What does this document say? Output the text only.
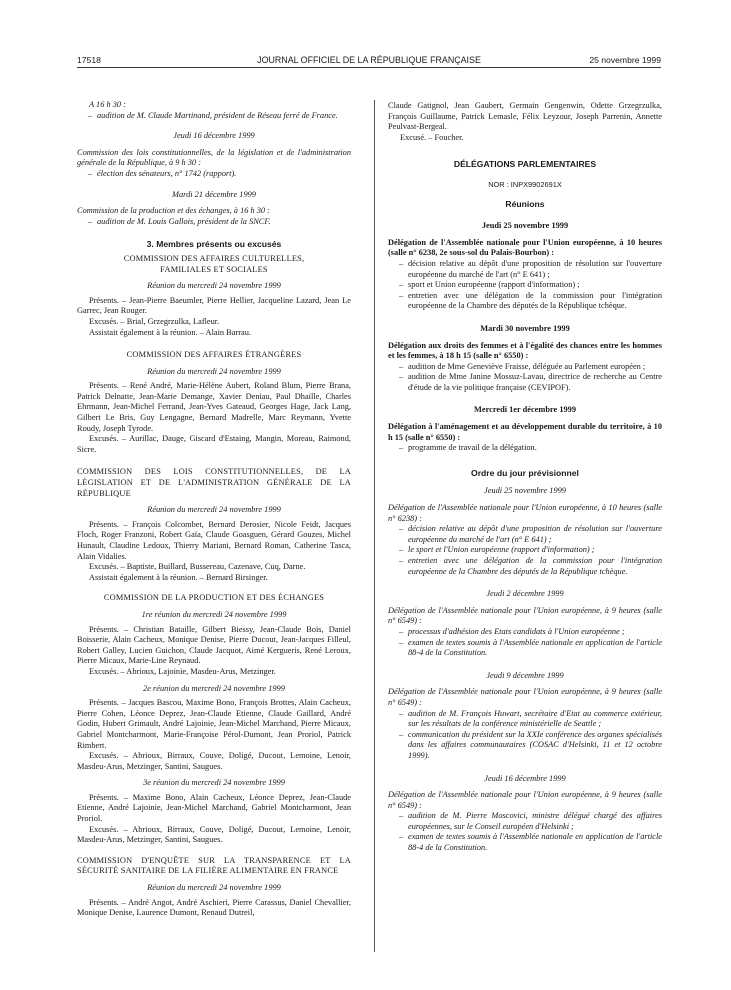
17518	JOURNAL OFFICIEL DE LA RÉPUBLIQUE FRANÇAISE	25 novembre 1999

A 16 h 30 :

– audition de M. Claude Martinand, président de Réseau ferré de France.

Jeudi 16 décembre 1999

Commission des lois constitutionnelles, de la législation et de l'administration générale de la République, à 9 h 30 :

– élection des sénateurs, n° 1742 (rapport).

Mardi 21 décembre 1999

Commission de la production et des échanges, à 16 h 30 :

– audition de M. Louis Gallois, président de la SNCF.

3. Membres présents ou excusés

COMMISSION DES AFFAIRES CULTURELLES, FAMILIALES ET SOCIALES

Réunion du mercredi 24 novembre 1999

Présents. – Jean-Pierre Baeumler, Pierre Hellier, Jacqueline Lazard, Jean Le Garrec, Jean Rouger.

Excusés. – Brial, Grzegrzulka, Lafleur.

Assistait également à la réunion. – Alain Barrau.

COMMISSION DES AFFAIRES ÉTRANGÈRES

Réunion du mercredi 24 novembre 1999

Présents. – René André, Marie-Hélène Aubert, Roland Blum, Pierre Brana, Patrick Delnatte, Jean-Marie Demange, Xavier Deniau, Paul Dhaille, Charles Ehrmann, Jean-Michel Ferrand, Jean-Yves Gateaud, Georges Hage, Jack Lang, Gilbert Le Bris, Guy Lengagne, Bernard Madrelle, Marc Reymann, Yvette Roudy, Joseph Tyrode.

Excusés. – Aurillac, Dauge, Giscard d'Estaing, Mangin, Moreau, Raimond, Sicre.

COMMISSION DES LOIS CONSTITUTIONNELLES, DE LA LÉGISLATION ET DE L'ADMINISTRATION GÉNÉRALE DE LA RÉPUBLIQUE

Réunion du mercredi 24 novembre 1999

Présents. – François Colcombet, Bernard Derosier, Nicole Feidt, Jacques Floch, Roger Franzoni, Robert Gaïa, Claude Goasguen, Gérard Gouzes, Michel Hunault, Claudine Ledoux, Thierry Mariani, Bernard Roman, Catherine Tasca, Alain Vidalies.

Excusés. – Baptiste, Buillard, Bussereau, Cazenave, Cuq, Darne.

Assistait également à la réunion. – Bernard Birsinger.

COMMISSION DE LA PRODUCTION ET DES ÉCHANGES

1re réunion du mercredi 24 novembre 1999

Présents. – Christian Bataille, Gilbert Biessy, Jean-Claude Bois, Daniel Boisserie, Alain Cacheux, Monique Denise, Pierre Ducout, Jean-Jacques Filleul, Robert Galley, Lucien Guichon, Claude Jacquot, Aimé Kergueris, René Leroux, Pierre Micaux, Marie-Line Reynaud.

Excusés. – Abrioux, Lajoinie, Masdeu-Arus, Metzinger.

2e réunion du mercredi 24 novembre 1999

Présents. – Jacques Bascou, Maxime Bono, François Brottes, Alain Cacheux, Pierre Cohen, Léonce Deprez, Jean-Claude Etienne, Claude Gaillard, André Godin, Hubert Grimault, André Lajoinie, Jean-Michel Marchand, Pierre Micaux, Gabriel Montcharmont, Marie-Françoise Pérol-Dumont, Jean Proriol, Patrick Rimbert.

Excusés. – Abrioux, Birraux, Couve, Doligé, Ducout, Lemoine, Lenoir, Masdeu-Arus, Metzinger, Santini, Saugues.

3e réunion du mercredi 24 novembre 1999

Présents. – Maxime Bono, Alain Cacheux, Léonce Deprez, Jean-Claude Etienne, André Lajoinie, Jean-Michel Marchand, Gabriel Montcharmont, Jean Proriol.

Excusés. – Abrioux, Birraux, Couve, Doligé, Ducout, Lemoine, Lenoir, Masdeu-Arus, Metzinger, Santini, Saugues.

COMMISSION D'ENQUÊTE SUR LA TRANSPARENCE ET LA SÉCURITÉ SANITAIRE DE LA FILIÈRE ALIMENTAIRE EN FRANCE

Réunion du mercredi 24 novembre 1999

Présents. – André Angot, André Aschieri, Pierre Carassus, Daniel Chevallier, Monique Denise, Laurence Dumont, Renaud Dutreil,

Claude Gatignol, Jean Gaubert, Germain Gengenwin, Odette Grzegrzulka, François Guillaume, Patrick Lemasle, Félix Leyzour, Joseph Parrenin, Annette Peulvast-Bergeal.

Excusé. – Foucher.

DÉLÉGATIONS PARLEMENTAIRES

NOR : INPX9902691X

Réunions

Jeudi 25 novembre 1999

Délégation de l'Assemblée nationale pour l'Union européenne, à 10 heures (salle n° 6238, 2e sous-sol du Palais-Bourbon) :

– décision relative au dépôt d'une proposition de résolution sur l'ouverture européenne du marché de l'art (n° E 641) ;
– sport et Union européenne (rapport d'information) ;
– entretien avec une délégation de la commission pour l'intégration européenne de la Chambre des députés de la République tchèque.

Mardi 30 novembre 1999

Délégation aux droits des femmes et à l'égalité des chances entre les hommes et les femmes, à 18 h 15 (salle n° 6550) :

– audition de Mme Geneviève Fraisse, déléguée au Parlement européen ;
– audition de Mme Janine Mossuz-Lavau, directrice de recherche au Centre d'étude de la vie politique française (CEVIPOF).

Mercredi 1er décembre 1999

Délégation à l'aménagement et au développement durable du territoire, à 10 h 15 (salle n° 6550) :

– programme de travail de la délégation.

Ordre du jour prévisionnel

Jeudi 25 novembre 1999

Délégation de l'Assemblée nationale pour l'Union européenne, à 10 heures (salle n° 6238) :

– décision relative au dépôt d'une proposition de résolution sur l'ouverture européenne du marché de l'art (n° E 641) ;
– le sport et l'Union européenne (rapport d'information) ;
– entretien avec une délégation de la commission pour l'intégration européenne de la Chambre des députés de la République tchèque.

Jeudi 2 décembre 1999

Délégation de l'Assemblée nationale pour l'Union européenne, à 9 heures (salle n° 6549) :

– processus d'adhésion des Etats candidats à l'Union européenne ;
– examen de textes soumis à l'Assemblée nationale en application de l'article 88-4 de la Constitution.

Jeudi 9 décembre 1999

Délégation de l'Assemblée nationale pour l'Union européenne, à 9 heures (salle n° 6549) :

– audition de M. François Huwart, secrétaire d'Etat au commerce extérieur, sur les résultats de la conférence ministérielle de Seattle ;
– communication du président sur la XXIe conférence des organes spécialisés dans les affaires communautaires (COSAC d'Helsinki, 11 et 12 octobre 1999).

Jeudi 16 décembre 1999

Délégation de l'Assemblée nationale pour l'Union européenne, à 9 heures (salle n° 6549) :

– audition de M. Pierre Moscovici, ministre délégué chargé des affaires européennes, sur le Conseil européen d'Helsinki ;
– examen de textes soumis à l'Assemblée nationale en application de l'article 88-4 de la Constitution.
